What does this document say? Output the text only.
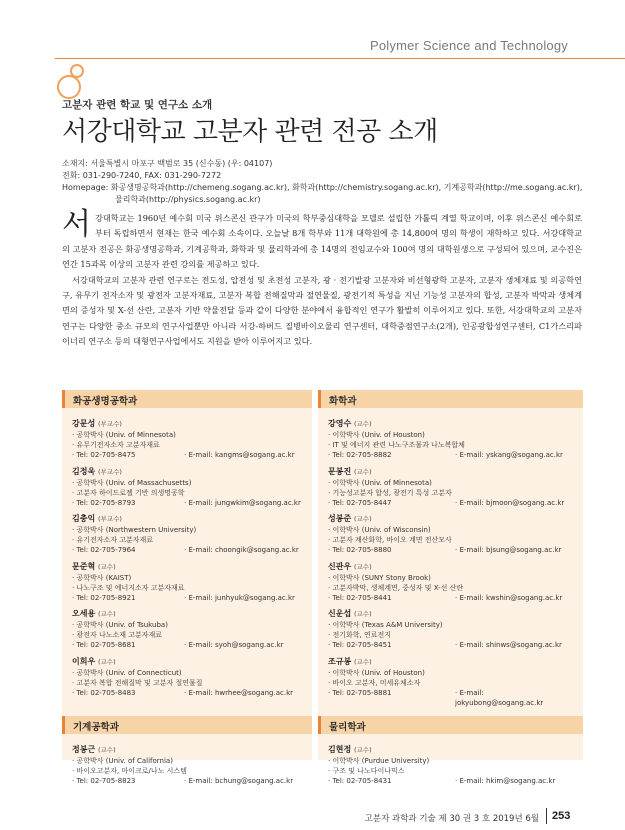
Polymer Science and Technology
고분자 관련 학교 및 연구소 소개
서강대학교 고분자 관련 전공 소개
소재지: 서울특별시 마포구 백범로 35 (신수동) (우: 04107)
전화: 031-290-7240, FAX: 031-290-7272
Homepage: 화공생명공학과(http://chemeng.sogang.ac.kr), 화학과(http://chemistry.sogang.ac.kr), 기계공학과(http://me.sogang.ac.kr),
물리학과(http://physics.sogang.ac.kr)
서 강대학교는 1960년 예수회 미국 위스콘신 관구가 미국의 학부중심대학을 모델로 설립한 가톨릭 계열 학교이며, 이후 위스콘신 예수회로부터 독립하면서 현재는 한국 예수회 소속이다. 오늘날 8개 학부와 11개 대학원에 총 14,800여 명의 학생이 재학하고 있다. 서강대학교의 고분자 전공은 화공생명공학과, 기계공학과, 화학과 및 물리학과에 총 14명의 전임교수와 100여 명의 대학원생으로 구성되어 있으며, 교수진은 연간 15과목 이상의 고분자 관련 강의를 제공하고 있다.

서강대학교의 고분자 관련 연구로는 전도성, 압전성 및 초전성 고분자, 광 · 전기발광 고분자와 비선형광학 고분자, 고분자 생체재료 및 의공학연구, 유무기 전자소자 및 광전자 고분자재료, 고분자 복합 전해질막과 절연물질, 광전기적 특성을 지닌 기능성 고분자의 합성, 고분자 박막과 생체계면의 증성자 및 X-선 산란, 고분자 기반 약물전달 등과 같이 다양한 분야에서 융합적인 연구가 활발히 이루어지고 있다. 또한, 서강대학교의 고분자 연구는 다양한 중소 규모의 연구사업뿐만 아니라 서강-하버드 질병바이오물리 연구센터, 대학중점연구소(2개), 인공광합성연구센터, C1가스리파이너리 연구소 등의 대형연구사업에서도 지원을 받아 이루어지고 있다.

화공생명공학과	화학과
기계공학과	물리학과
강문성 (부교수)
· 공학박사 (Univ. of Minnesota)
· 유무기전자소자 고분자재료
· Tel: 02-705-8475	· E-mail: kangms@sogang.ac.kr
김정욱 (부교수)
· 공학박사 (Univ. of Massachusetts)
· 고분자 하이드로젤 기반 의생명공학
· Tel: 02-705-8793	· E-mail: jungwkim@sogang.ac.kr
김충익 (부교수)
· 공학박사 (Northwestern University)
· 유기전자소자 고분자재료
· Tel: 02-705-7964	· E-mail: choongik@sogang.ac.kr
문준혁 (교수)
· 공학박사 (KAIST)
· 나노구조 및 에너지소자 고분자재료
· Tel: 02-705-8921	· E-mail: junhyuk@sogang.ac.kr
오세용 (교수)
· 공학박사 (Univ. of Tsukuba)
· 광전자 나노소재 고분자재료
· Tel: 02-705-8681	· E-mail: syoh@sogang.ac.kr
이희우 (교수)
· 공학박사 (Univ. of Connecticut)
· 고분자 복합 전해질막 및 고분자 절연물질
· Tel: 02-705-8483	· E-mail: hwrhee@sogang.ac.kr
강영수 (교수)
· 이학박사 (Univ. of Houston)
· IT 및 에너지 관련 나노구조물과 나노복합체
· Tel: 02-705-8882	· E-mail: yskang@sogang.ac.kr
문봉진 (교수)
· 이학박사 (Univ. of Minnesota)
· 기능성고분자 합성, 광전기 특성 고분자
· Tel: 02-705-8447	· E-mail: bjmoon@sogang.ac.kr
성봉준 (교수)
· 이학박사 (Univ. of Wisconsin)
· 고분자 계산화학, 바이오 계면 전산모사
· Tel: 02-705-8880	· E-mail: bjsung@sogang.ac.kr
신관우 (교수)
· 이학박사 (SUNY Stony Brook)
· 고분자박막, 생체계면, 중성자 및 X-선 산란
· Tel: 02-705-8441	· E-mail: kwshin@sogang.ac.kr
신운섭 (교수)
· 이학박사 (Texas A&M University)
· 전기화학, 연료전지
· Tel: 02-705-8451	· E-mail: shinws@sogang.ac.kr
조규봉 (교수)
· 이학박사 (Univ. of Houston)
· 바이오 고분자, 미세유체소자
· Tel: 02-705-8881	· E-mail: jokyubong@sogang.ac.kr
정봉근 (교수)
· 공학박사 (Univ. of California)
· 바이오고분자, 마이크로/나노 시스템
· Tel: 02-705-8823	· E-mail: bchung@sogang.ac.kr
김현정 (교수)
· 이학박사 (Purdue University)
· 구조 및 나노다이나믹스
· Tel: 02-705-8431	· E-mail: hkim@sogang.ac.kr
고분자 과학과 기술 제 30 권 3 호 2019년 6월 253
